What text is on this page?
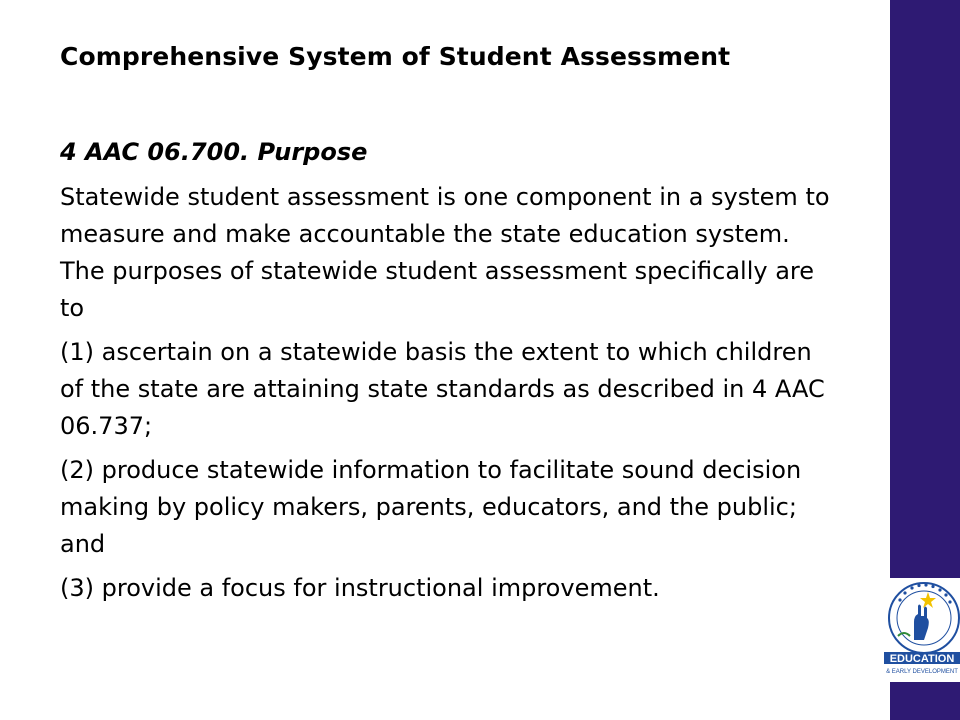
Comprehensive System of Student Assessment
4 AAC 06.700. Purpose

Statewide student assessment is one component in a system to measure and make accountable the state education system. The purposes of statewide student assessment specifically are to

(1) ascertain on a statewide basis the extent to which children of the state are attaining state standards as described in 4 AAC 06.737;

(2) produce statewide information to facilitate sound decision making by policy makers, parents, educators, and the public; and

(3) provide a focus for instructional improvement.

EDUCATION
& EARLY DEVELOPMENT
